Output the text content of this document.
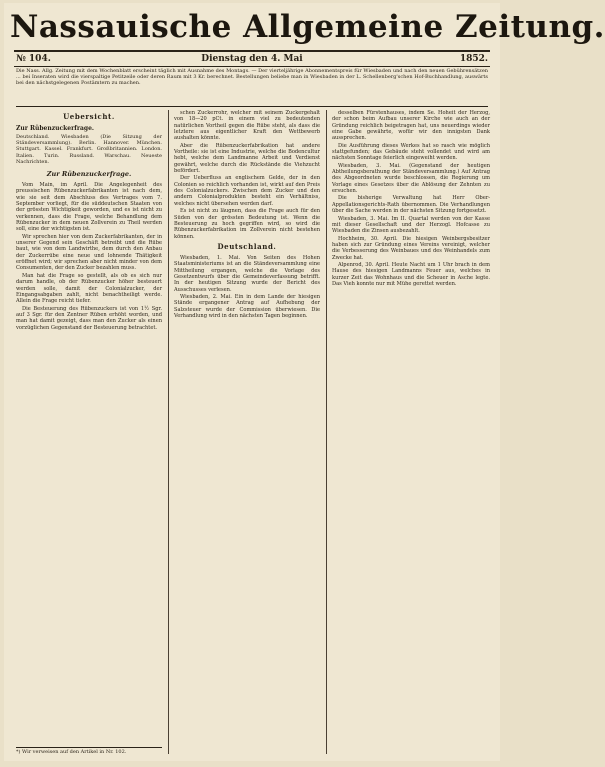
Nassauische Allgemeine Zeitung.
№ 104.	Dienstag den 4. Mai	1852.
Die Nass. Allg. Zeitung mit dem Wochenblatt erscheint täglich mit Ausnahme des Montags. — Der vierteljährige Abonnementspreis für Wiesbaden und nach den neuen Gebührensätzen ... bei Inseraten wird die vierspaltige Petitzeile oder deren Raum mit 3 Kr. berechnet. Bestellungen beliebe man in Wiesbaden in der L. Schellenberg'schen Hof-Buchhandlung, auswärts bei den nächstgelegenen Postämtern zu machen.
Uebersicht.
Zur Rübenzuckerfrage.

Deutschland. Wiesbaden (Die Sitzung der Ständeversammlung). Berlin. Hannover. München. Stuttgart. Kassel. Frankfurt. Großbritannien. London. Italien. Turin. Russland. Warschau. Neueste Nachrichten.

Zur Rübenzuckerfrage.

Vom Main, im April. Die Angelegenheit des preussischen Rübenzuckerfabrikanten ist nach dem, wie sie seit dem Abschluss des Vertrages vom 7. September vorliegt, für die süddeutschen Staaten von der grössten Wichtigkeit geworden, und es ist nicht zu verkennen, dass die Frage, welche Behandlung dem Rübenzucker in dem neuen Zollverein zu Theil werden soll, eine der wichtigsten ist.

Wir sprechen hier von dem Zuckerfabrikanten, der in unserer Gegend sein Geschäft betreibt und die Rübe baut, wie von dem Landwirthe, dem durch den Anbau der Zuckerrübe eine neue und lohnende Thätigkeit eröffnet wird; wir sprechen aber nicht minder von dem Consumenten, der den Zucker bezahlen muss.

Man hat die Frage so gestellt, als ob es sich nur darum handle, ob der Rübenzucker höher besteuert werden solle, damit der Colonialzucker, der Eingangsabgaben zahlt, nicht benachtheiligt werde. Allein die Frage reicht tiefer.

Die Besteuerung des Rübenzuckers ist von 1½ Sgr. auf 3 Sgr. für den Zentner Rüben erhöht worden, und man hat damit gezeigt, dass man den Zucker als einen vorzüglichen Gegenstand der Besteuerung betrachtet.

*) Wir verweisen auf den Artikel in Nr. 102.

schen Zuckerrohr, welcher mit seinem Zuckergehalt von 18—20 pCt. in einem viel zu bedeutenden natürlichen Vortheil gegen die Rübe steht, als dass die letztere aus eigentlicher Kraft den Wettbewerb aushalten könnte.

Aber die Rübenzuckerfabrikation hat andere Vortheile: sie ist eine Industrie, welche die Bodencultur hebt, welche dem Landmanne Arbeit und Verdienst gewährt, welche durch die Rückstände die Viehzucht befördert.

Der Ueberfluss an englischem Gelde, der in den Colonien so reichlich vorhanden ist, wirkt auf den Preis des Colonialzuckers. Zwischen dem Zucker und den andern Colonialprodukten besteht ein Verhältniss, welches nicht übersehen werden darf.

Es ist nicht zu läugnen, dass die Frage auch für den Süden von der grössten Bedeutung ist. Wenn die Besteuerung zu hoch gegriffen wird, so wird die Rübenzuckerfabrikation im Zollverein nicht bestehen können.

Deutschland.

Wiesbaden, 1. Mai. Von Seiten des Hohen Staatsministeriums ist an die Ständeversammlung eine Mittheilung ergangen, welche die Vorlage des Gesetzentwurfs über die Gemeindeverfassung betrifft. In der heutigen Sitzung wurde der Bericht des Ausschusses verlesen.

Wiesbaden, 2. Mai. Ein in dem Lande der hiesigen Stände ergangener Antrag auf Aufhebung der Salzsteuer wurde der Commission überwiesen. Die Verhandlung wird in den nächsten Tagen beginnen.

desselben Fürstenhauses, indem Se. Hoheit der Herzog, der schon beim Aufbau unserer Kirche wie auch an der Gründung reichlich beigetragen hat, uns neuerdings wieder eine Gabe gewährte, wofür wir den innigsten Dank aussprechen.

Die Ausführung dieses Werkes hat so rasch wie möglich stattgefunden; das Gebäude steht vollendet und wird am nächsten Sonntage feierlich eingeweiht werden.

Wiesbaden, 3. Mai. (Gegenstand der heutigen Abtheilungsberathung der Ständeversammlung.) Auf Antrag des Abgeordneten wurde beschlossen, die Regierung um Vorlage eines Gesetzes über die Ablösung der Zehnten zu ersuchen.

Die bisherige Verwaltung hat Herr Ober-Appellationsgerichts-Rath übernommen. Die Verhandlungen über die Sache werden in der nächsten Sitzung fortgesetzt.

Wiesbaden, 3. Mai. Im II. Quartal werden von der Kasse mit dieser Gesellschaft und der Herzogl. Hofcasse zu Wiesbaden die Zinsen ausbezahlt.

Hochheim, 30. April. Die hiesigen Weinbergsbesitzer haben sich zur Gründung eines Vereins vereinigt, welcher die Verbesserung des Weinbaues und des Weinhandels zum Zwecke hat.

Alpenrod, 30. April. Heute Nacht um 1 Uhr brach in dem Hause des hiesigen Landmanns Feuer aus, welches in kurzer Zeit das Wohnhaus und die Scheuer in Asche legte. Das Vieh konnte nur mit Mühe gerettet werden.
